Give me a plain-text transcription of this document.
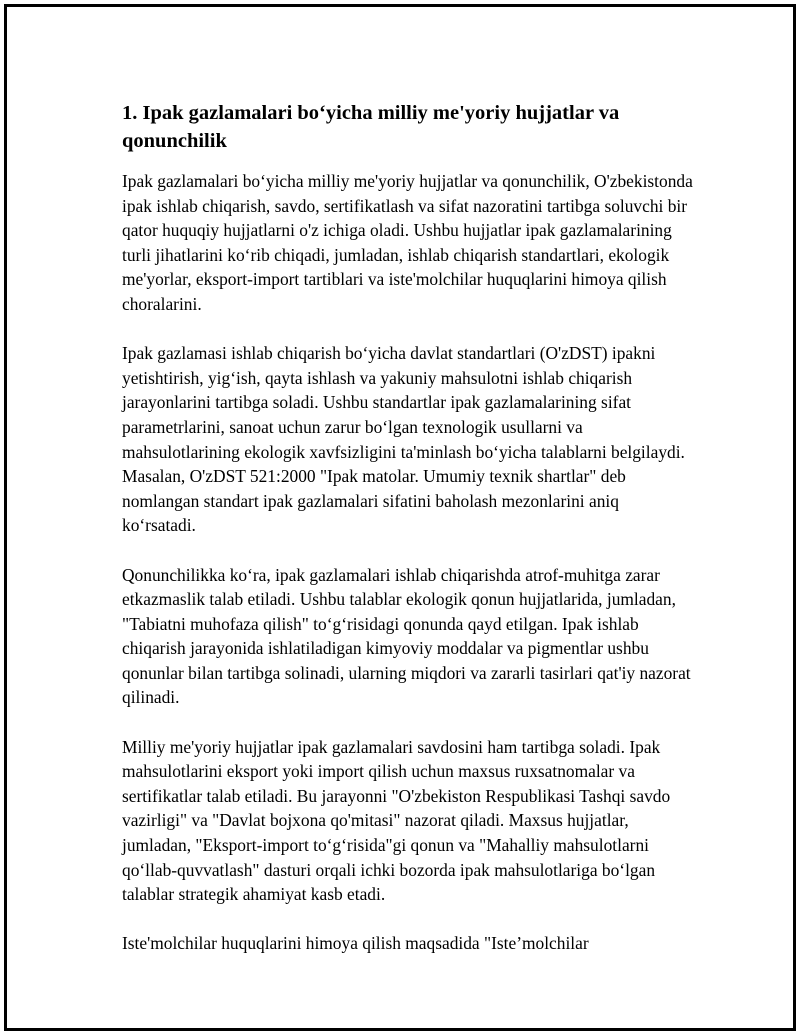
1. Ipak gazlamalari bo‘yicha milliy me'yoriy hujjatlar va qonunchilik

Ipak gazlamalari bo‘yicha milliy me'yoriy hujjatlar va qonunchilik, O'zbekistonda ipak ishlab chiqarish, savdo, sertifikatlash va sifat nazoratini tartibga soluvchi bir qator huquqiy hujjatlarni o'z ichiga oladi. Ushbu hujjatlar ipak gazlamalarining turli jihatlarini ko‘rib chiqadi, jumladan, ishlab chiqarish standartlari, ekologik me'yorlar, eksport-import tartiblari va iste'molchilar huquqlarini himoya qilish choralarini.

Ipak gazlamasi ishlab chiqarish bo‘yicha davlat standartlari (O'zDST) ipakni yetishtirish, yig‘ish, qayta ishlash va yakuniy mahsulotni ishlab chiqarish jarayonlarini tartibga soladi. Ushbu standartlar ipak gazlamalarining sifat parametrlarini, sanoat uchun zarur bo‘lgan texnologik usullarni va mahsulotlarining ekologik xavfsizligini ta'minlash bo‘yicha talablarni belgilaydi. Masalan, O'zDST 521:2000 "Ipak matolar. Umumiy texnik shartlar" deb nomlangan standart ipak gazlamalari sifatini baholash mezonlarini aniq ko‘rsatadi.

Qonunchilikka ko‘ra, ipak gazlamalari ishlab chiqarishda atrof-muhitga zarar etkazmaslik talab etiladi. Ushbu talablar ekologik qonun hujjatlarida, jumladan, "Tabiatni muhofaza qilish" to‘g‘risidagi qonunda qayd etilgan. Ipak ishlab chiqarish jarayonida ishlatiladigan kimyoviy moddalar va pigmentlar ushbu qonunlar bilan tartibga solinadi, ularning miqdori va zararli tasirlari qat'iy nazorat qilinadi.

Milliy me'yoriy hujjatlar ipak gazlamalari savdosini ham tartibga soladi. Ipak mahsulotlarini eksport yoki import qilish uchun maxsus ruxsatnomalar va sertifikatlar talab etiladi. Bu jarayonni "O'zbekiston Respublikasi Tashqi savdo vazirligi" va "Davlat bojxona qo'mitasi" nazorat qiladi. Maxsus hujjatlar, jumladan, "Eksport-import to‘g‘risida"gi qonun va "Mahalliy mahsulotlarni qo‘llab-quvvatlash" dasturi orqali ichki bozorda ipak mahsulotlariga bo‘lgan talablar strategik ahamiyat kasb etadi.

Iste'molchilar huquqlarini himoya qilish maqsadida "Iste’molchilar
